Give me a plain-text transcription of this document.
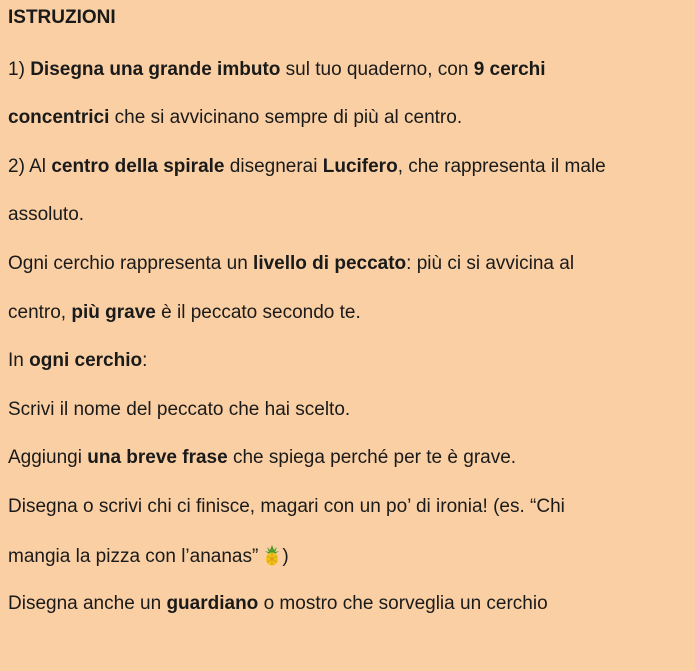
ISTRUZIONI
1) Disegna una grande imbuto sul tuo quaderno, con 9 cerchi
concentrici che si avvicinano sempre di più al centro.
2) Al centro della spirale disegnerai Lucifero, che rappresenta il male
assoluto.
Ogni cerchio rappresenta un livello di peccato: più ci si avvicina al
centro, più grave è il peccato secondo te.
In ogni cerchio:
Scrivi il nome del peccato che hai scelto.
Aggiungi una breve frase che spiega perché per te è grave.
Disegna o scrivi chi ci finisce, magari con un po’ di ironia! (es. “Chi
mangia la pizza con l’ananas” )
Disegna anche un guardiano o mostro che sorveglia un cerchio
